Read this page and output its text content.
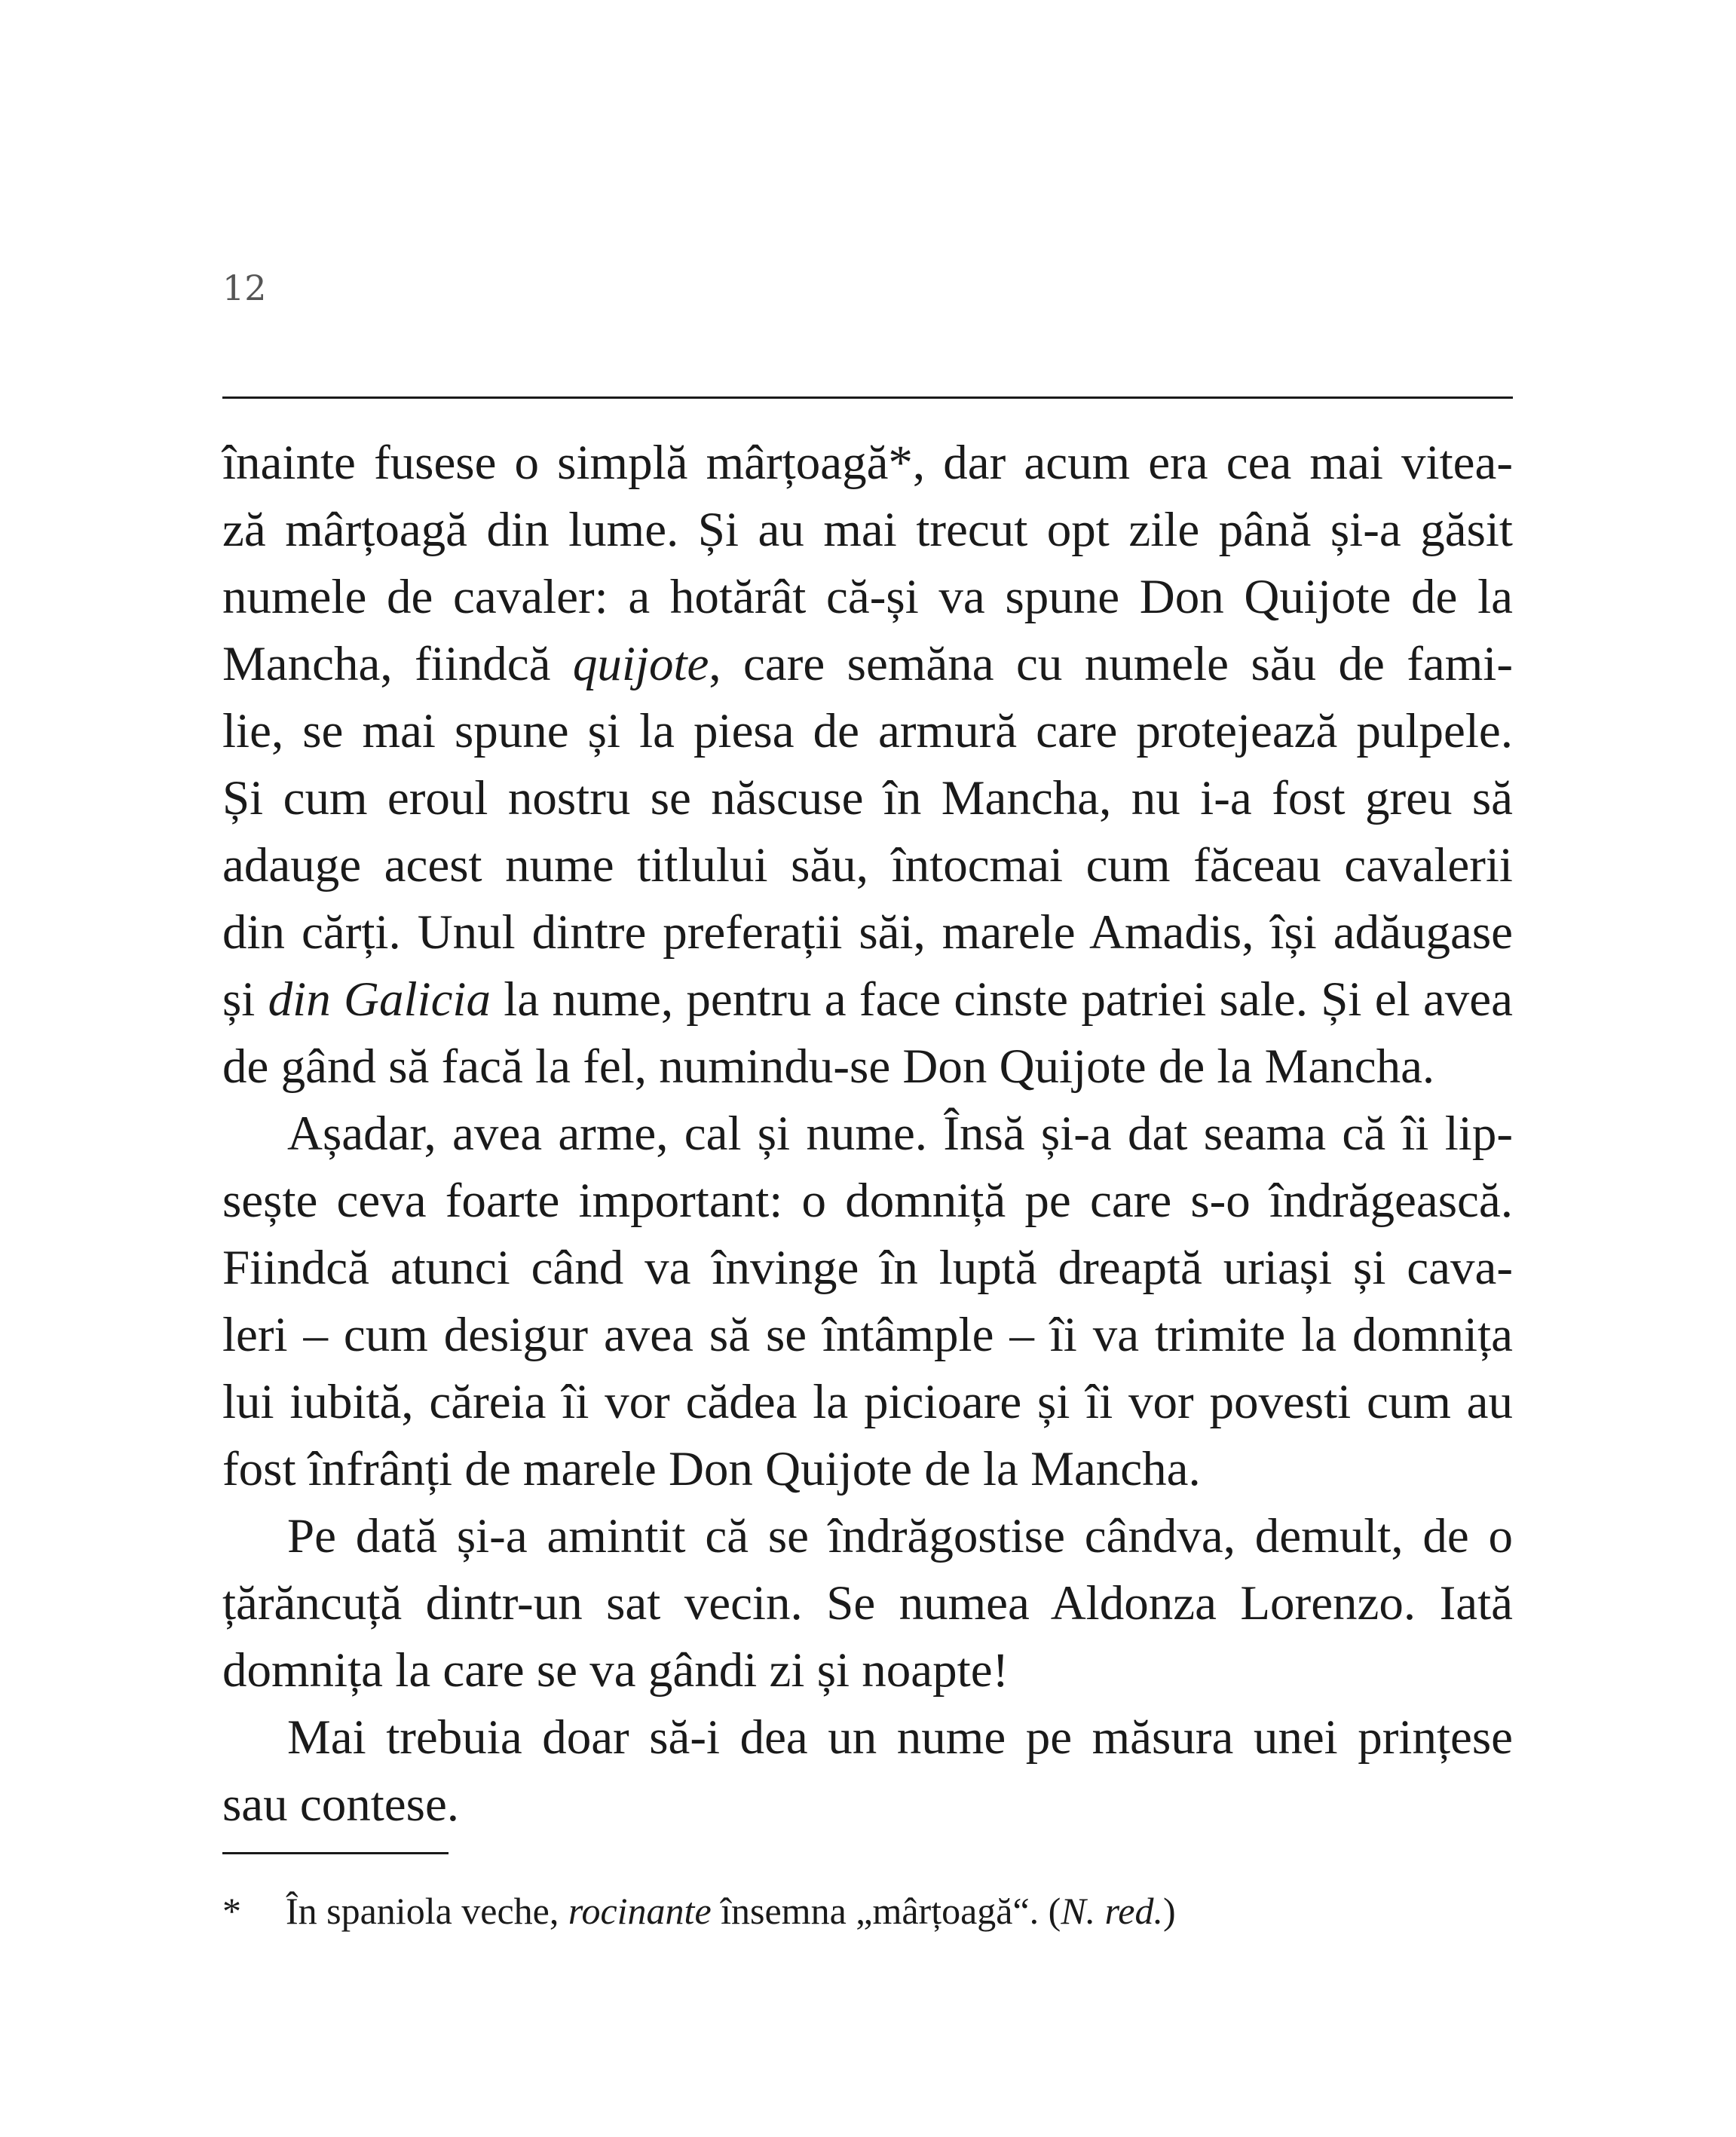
12
înainte fusese o simplă mârțoagă*, dar acum era cea mai vitea-
ză mârțoagă din lume. Și au mai trecut opt zile până și-a găsit
numele de cavaler: a hotărât că-și va spune Don Quijote de la
Mancha, fiindcă quijote, care semăna cu numele său de fami-
lie, se mai spune și la piesa de armură care protejează pulpele.
Și cum eroul nostru se născuse în Mancha, nu i-a fost greu să
adauge acest nume titlului său, întocmai cum făceau cavalerii
din cărți. Unul dintre preferații săi, marele Amadis, își adăugase
și din Galicia la nume, pentru a face cinste patriei sale. Și el avea
de gând să facă la fel, numindu-se Don Quijote de la Mancha.
Așadar, avea arme, cal și nume. Însă și-a dat seama că îi lip-
sește ceva foarte important: o domniță pe care s-o îndrăgească.
Fiindcă atunci când va învinge în luptă dreaptă uriași și cava-
leri – cum desigur avea să se întâmple – îi va trimite la domnița
lui iubită, căreia îi vor cădea la picioare și îi vor povesti cum au
fost înfrânți de marele Don Quijote de la Mancha.
Pe dată și-a amintit că se îndrăgostise cândva, demult, de o
țărăncuță dintr-un sat vecin. Se numea Aldonza Lorenzo. Iată
domnița la care se va gândi zi și noapte!
Mai trebuia doar să-i dea un nume pe măsura unei prințese
sau contese.
* În spaniola veche, rocinante însemna „mârțoagă“. (N. red.)
